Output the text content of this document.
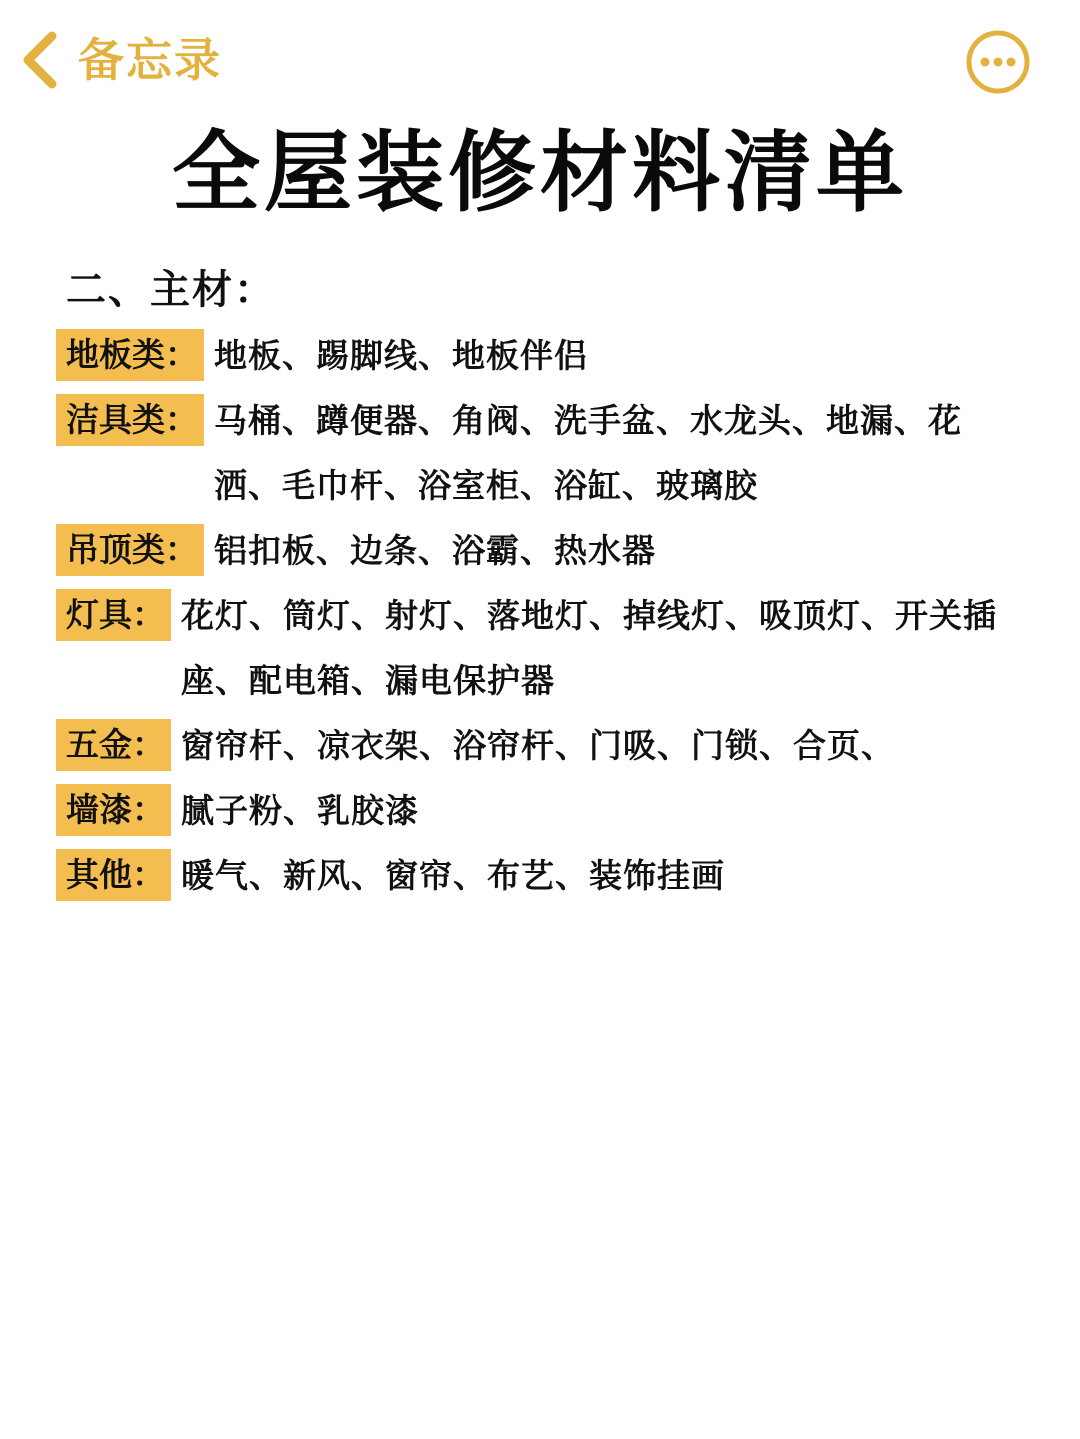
备忘录
全屋装修材料清单
二、主材：
地板类： 地板、踢脚线、地板伴侣
洁具类： 马桶、蹲便器、角阀、洗手盆、水龙头、地漏、花洒、毛巾杆、浴室柜、浴缸、玻璃胶
吊顶类： 铝扣板、边条、浴霸、热水器
灯具： 花灯、筒灯、射灯、落地灯、掉线灯、吸顶灯、开关插座、配电箱、漏电保护器
五金： 窗帘杆、凉衣架、浴帘杆、门吸、门锁、合页、
墙漆： 腻子粉、乳胶漆
其他： 暖气、新风、窗帘、布艺、装饰挂画
